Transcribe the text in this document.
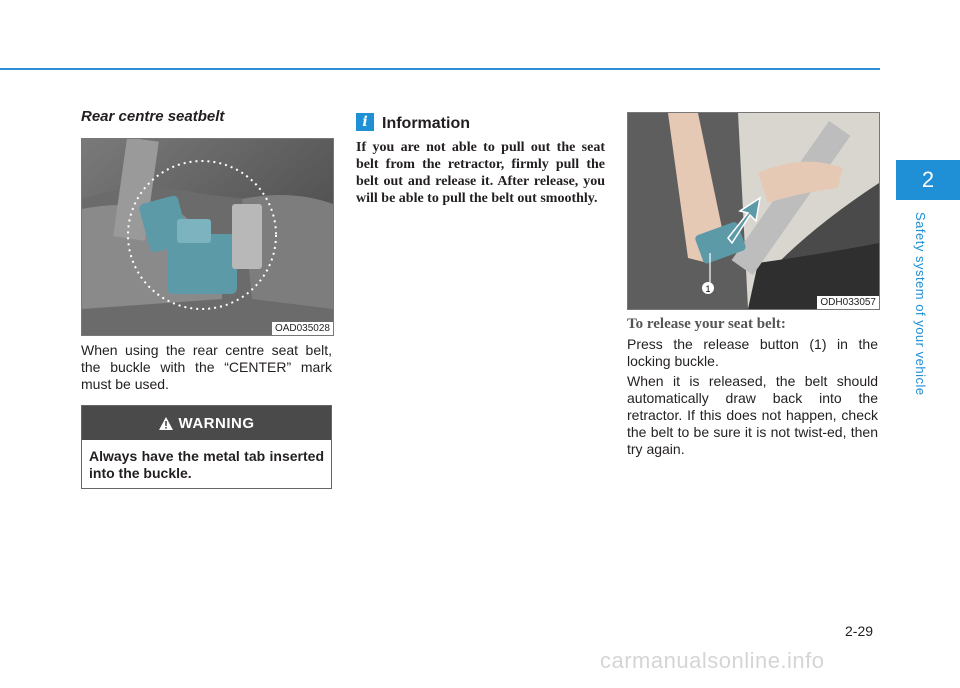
2
Safety system of your vehicle
Rear centre seatbelt
OAD035028

When using the rear centre seat belt, the buckle with the “CENTER” mark must be used.

WARNING

Always have the metal tab inserted into the buckle.

i Information

If you are not able to pull out the seat belt from the retractor, firmly pull the belt out and release it. After release, you will be able to pull the belt out smoothly.

1
ODH033057
To release your seat belt:

Press the release button (1) in the locking buckle.

When it is released, the belt should automatically draw back into the retractor. If this does not happen, check the belt to be sure it is not twist-ed, then try again.

2-29
carmanualsonline.info
